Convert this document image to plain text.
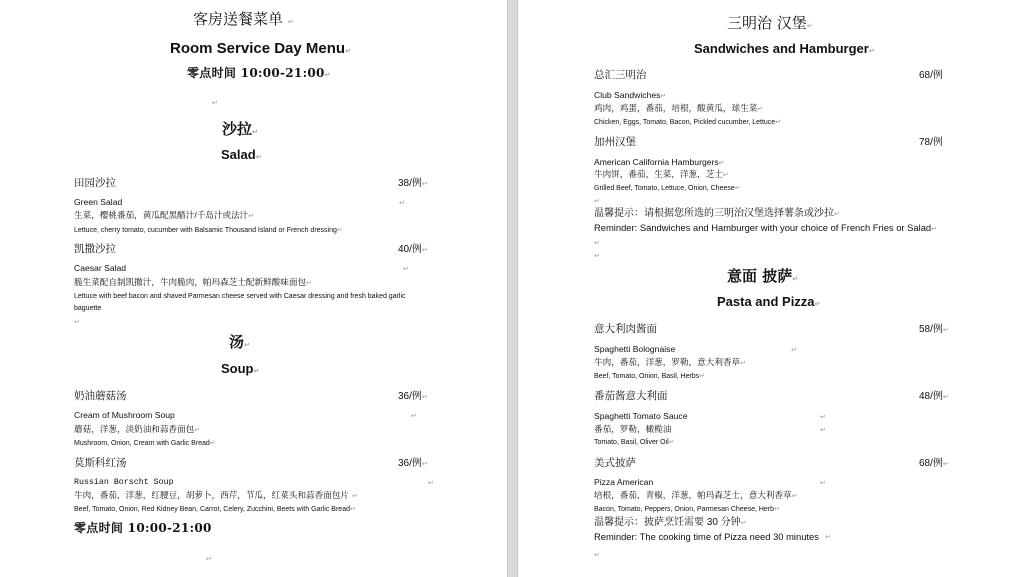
客房送餐菜单 ↵
Room Service Day Menu ↵
零点时间 10:00-21:00 ↵
↵
沙拉 ↵
Salad ↵
田园沙拉	38/例 ↵
Green Salad
↵
生菜，樱桃番茄，黄瓜配黑醋汁/千岛汁或法汁 ↵
Lettuce, cherry tomato, cucumber with Balsamic Thousand Island or French dressing ↵
凯撒沙拉	40/例 ↵
Caesar Salad
↵
脆生菜配自制凯撒汁，牛肉脆肉，帕玛森芝士配新鲜酸味面包 ↵
Lettuce with beef bacon and shaved Parmesan cheese served with Caesar dressing and fresh baked garlic
baguette
↵
汤 ↵
Soup ↵
奶油蘑菇汤	36/例 ↵
Cream of Mushroom Soup
↵
蘑菇，洋葱，淡奶油和蒜香面包 ↵
Mushroom, Onion, Cream with Garlic Bread ↵
莫斯科红汤	36/例 ↵
Russian Borscht Soup
↵
牛肉，番茄，洋葱，红腰豆，胡萝卜，西芹，节瓜，红菜头和蒜香面包片
↵
Beef, Tomato, Onion, Red Kidney Bean, Carrot, Celery, Zucchini, Beets with Garlic Bread ↵
零点时间 10:00-21:00
↵
三明治 汉堡 ↵
Sandwiches and Hamburger ↵
总汇三明治	68/例
Club Sandwiches ↵
鸡肉，鸡蛋，番茄，培根，酸黄瓜，球生菜 ↵
Chicken, Eggs, Tomato, Bacon, Pickled cucumber, Lettuce ↵
加州汉堡	78/例
American California Hamburgers ↵
牛肉饼，番茄，生菜，洋葱，芝士 ↵
Grilled Beef, Tomato, Lettuce, Onion, Cheese ↵
↵
温馨提示：请根据您所选的三明治汉堡选择薯条或沙拉 ↵
Reminder: Sandwiches and Hamburger with your choice of French Fries or Salad ↵
↵
↵
意面 披萨 ↵
Pasta and Pizza ↵
意大利肉酱面	58/例 ↵
Spaghetti Bolognaise
↵
牛肉，番茄，洋葱，罗勒，意大利香草 ↵
Beef, Tomato, Onion, Basil, Herbs ↵
番茄酱意大利面	48/例 ↵
Spaghetti Tomato Sauce
↵
番茄，罗勒，橄榄油
↵
Tomato, Basil, Oliver Oil ↵
美式披萨	68/例 ↵
Pizza American
↵
培根，番茄，青椒，洋葱，帕玛森芝士，意大利香草 ↵
Bacon, Tomato, Peppers, Onion, Parmesan Cheese, Herb ↵
温馨提示：披萨烹饪需要 30 分钟 ↵
Reminder: The cooking time of Pizza need 30 minutes
↵
↵
